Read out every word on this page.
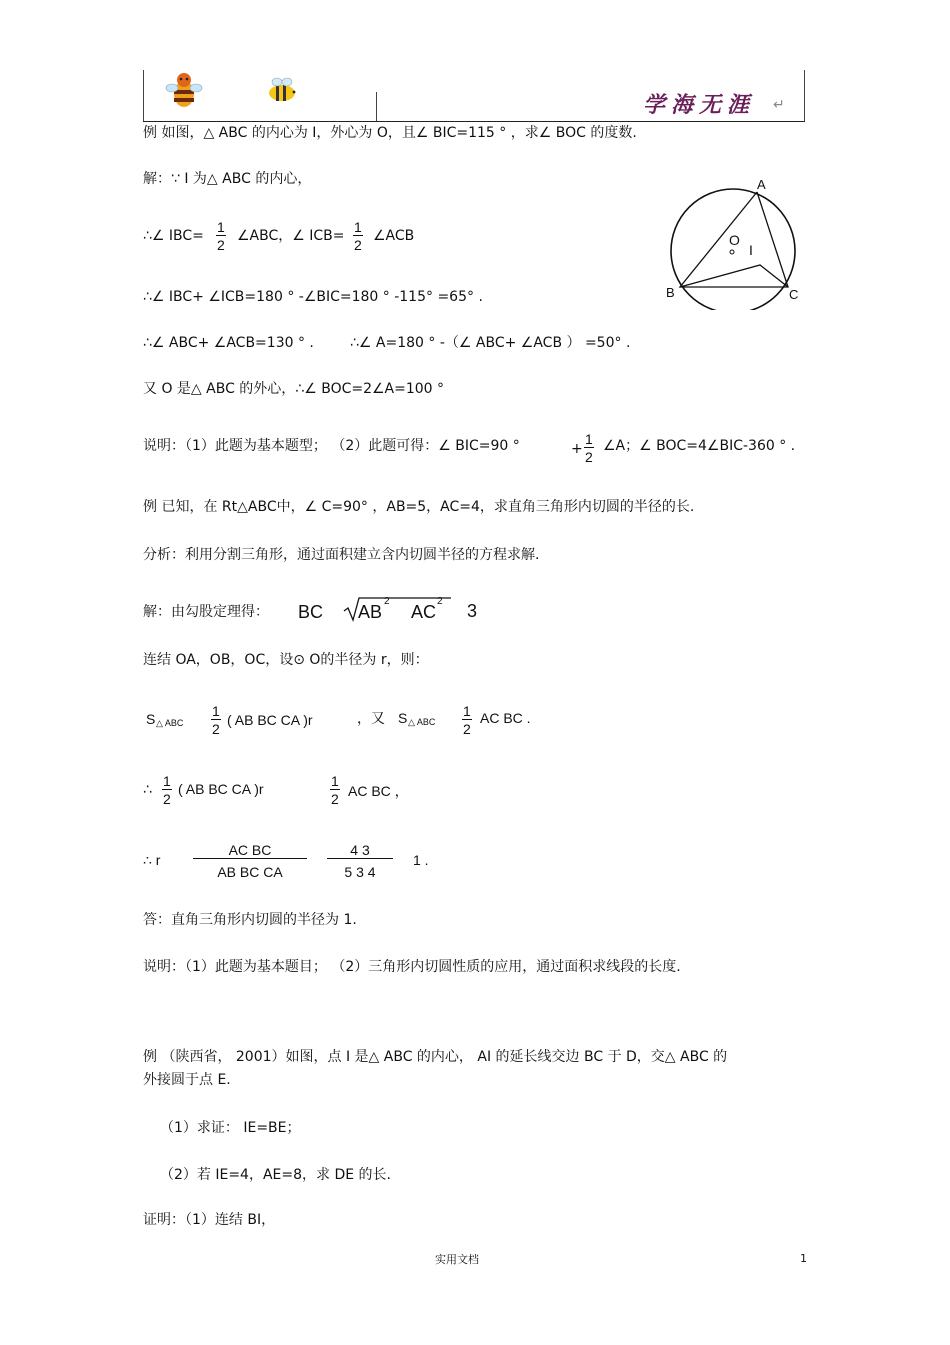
学海无涯 ↵
例 如图，△ ABC 的内心为 I，外心为 O，且∠ BIC=115 ° ，求∠ BOC 的度数.
解：∵ I 为△ ABC 的内心，
∴∠ $IBC= \frac{1}{2}$ ∠ABC，∠ $ICB= \frac{1}{2}$ ∠ACB
∴∠ IBC+ ∠ICB=180 ° -∠BIC=180 ° -115° =65° .
∴∠ ABC+ ∠ACB=130 ° .	∴∠ A=180 ° -（∠ ABC+ ∠ACB ） =50° .
又 O 是△ ABC 的外心，∴∠ BOC=2∠A=100 °
说明：（1）此题为基本题型； （2）此题可得：∠ BIC=90 °	+ $\frac{1}{2}$ ∠A；∠ BOC=4∠BIC-360 ° .
A
B	C
O
I
例 已知，在 Rt△ABC中，∠ C=90° ，AB=5，AC=4，求直角三角形内切圆的半径的长.
分析：利用分割三角形，通过面积建立含内切圆半径的方程求解.
解：由勾股定理得： BC AB
2
AC
2 3
连结 OA，OB，OC，设⊙ O的半径为 r，则：
S △ ABC $\frac{1}{2}$ ( AB BC CA )r	，又 S △ ABC $\frac{1}{2}$ AC BC .
∴ $\frac{1}{2}$ ( AB BC CA )r	$\frac{1}{2}$ AC BC ，
∴ r $\frac{\text{AC BC}}{\text{AB BC CA}} \frac{4 3}{5 3 4} 1$ .
答：直角三角形内切圆的半径为 1.
说明：（1）此题为基本题目； （2）三角形内切圆性质的应用，通过面积求线段的长度.
例 （陕西省， 2001）如图，点 I 是△ ABC 的内心， AI 的延长线交边 BC 于 D，交△ ABC 的
外接圆于点 E.
（1）求证： IE=BE；
（2）若 IE=4，AE=8，求 DE 的长.
证明：（1）连结 BI，
实用文档	1
